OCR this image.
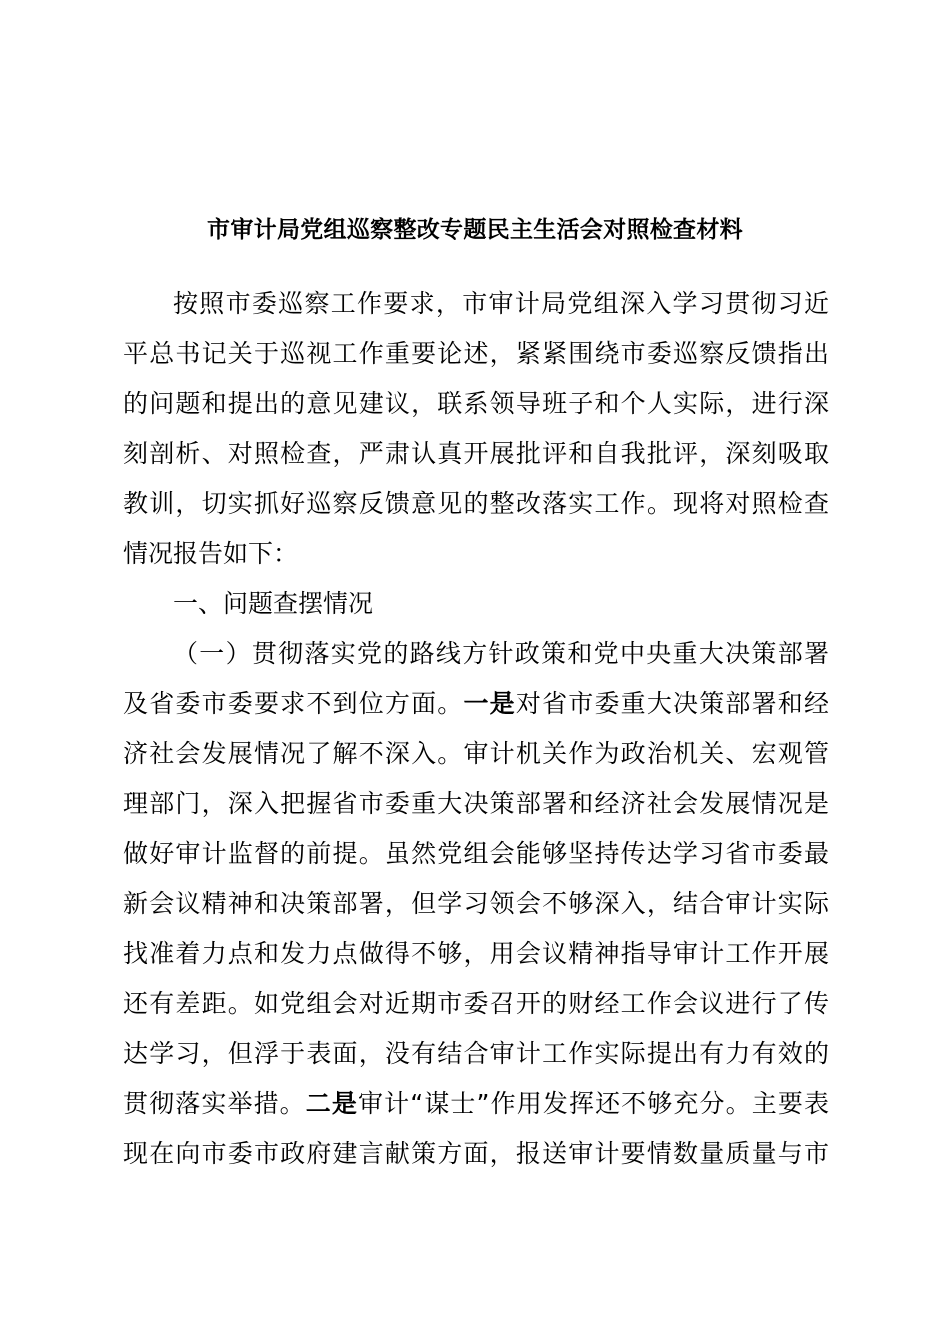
市审计局党组巡察整改专题民主生活会对照检查材料
按照市委巡察工作要求，市审计局党组深入学习贯彻习近
平总书记关于巡视工作重要论述，紧紧围绕市委巡察反馈指出
的问题和提出的意见建议，联系领导班子和个人实际，进行深
刻剖析、对照检查，严肃认真开展批评和自我批评，深刻吸取
教训，切实抓好巡察反馈意见的整改落实工作。现将对照检查
情况报告如下：
一、问题查摆情况
（一）贯彻落实党的路线方针政策和党中央重大决策部署
及省委市委要求不到位方面。一是对省市委重大决策部署和经
济社会发展情况了解不深入。审计机关作为政治机关、宏观管
理部门，深入把握省市委重大决策部署和经济社会发展情况是
做好审计监督的前提。虽然党组会能够坚持传达学习省市委最
新会议精神和决策部署，但学习领会不够深入，结合审计实际
找准着力点和发力点做得不够，用会议精神指导审计工作开展
还有差距。如党组会对近期市委召开的财经工作会议进行了传
达学习，但浮于表面，没有结合审计工作实际提出有力有效的
贯彻落实举措。二是审计“谋士”作用发挥还不够充分。主要表
现在向市委市政府建言献策方面，报送审计要情数量质量与市
